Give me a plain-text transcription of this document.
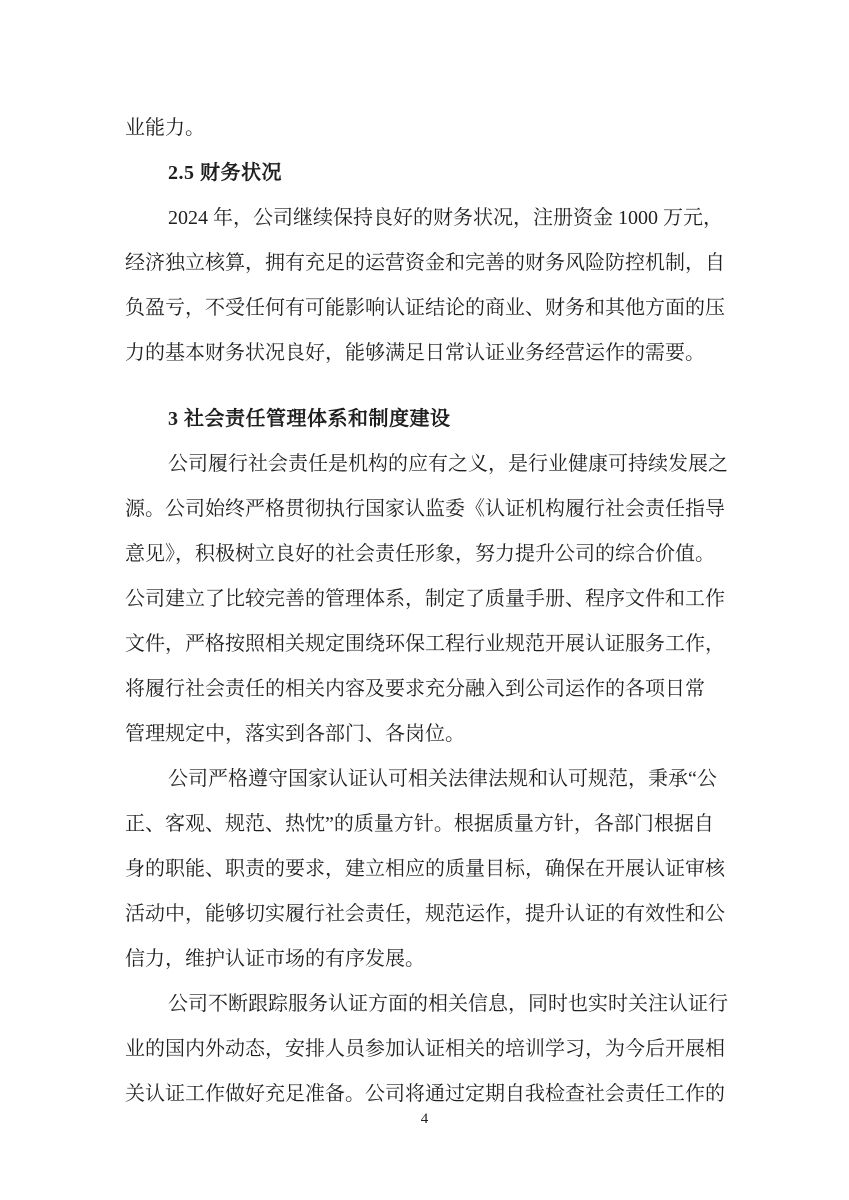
业能力。
2.5 财务状况
2024 年，公司继续保持良好的财务状况，注册资金 1000 万元，
经济独立核算，拥有充足的运营资金和完善的财务风险防控机制，自
负盈亏，不受任何有可能影响认证结论的商业、财务和其他方面的压
力的基本财务状况良好，能够满足日常认证业务经营运作的需要。
3 社会责任管理体系和制度建设
公司履行社会责任是机构的应有之义，是行业健康可持续发展之
源。公司始终严格贯彻执行国家认监委《认证机构履行社会责任指导
意见》，积极树立良好的社会责任形象，努力提升公司的综合价值。
公司建立了比较完善的管理体系，制定了质量手册、程序文件和工作
文件，严格按照相关规定围绕环保工程行业规范开展认证服务工作，
将履行社会责任的相关内容及要求充分融入到公司运作的各项日常
管理规定中，落实到各部门、各岗位。
公司严格遵守国家认证认可相关法律法规和认可规范，秉承“公
正、客观、规范、热忱”的质量方针。根据质量方针，各部门根据自
身的职能、职责的要求，建立相应的质量目标，确保在开展认证审核
活动中，能够切实履行社会责任，规范运作，提升认证的有效性和公
信力，维护认证市场的有序发展。
公司不断跟踪服务认证方面的相关信息，同时也实时关注认证行
业的国内外动态，安排人员参加认证相关的培训学习，为今后开展相
关认证工作做好充足准备。公司将通过定期自我检查社会责任工作的
4
